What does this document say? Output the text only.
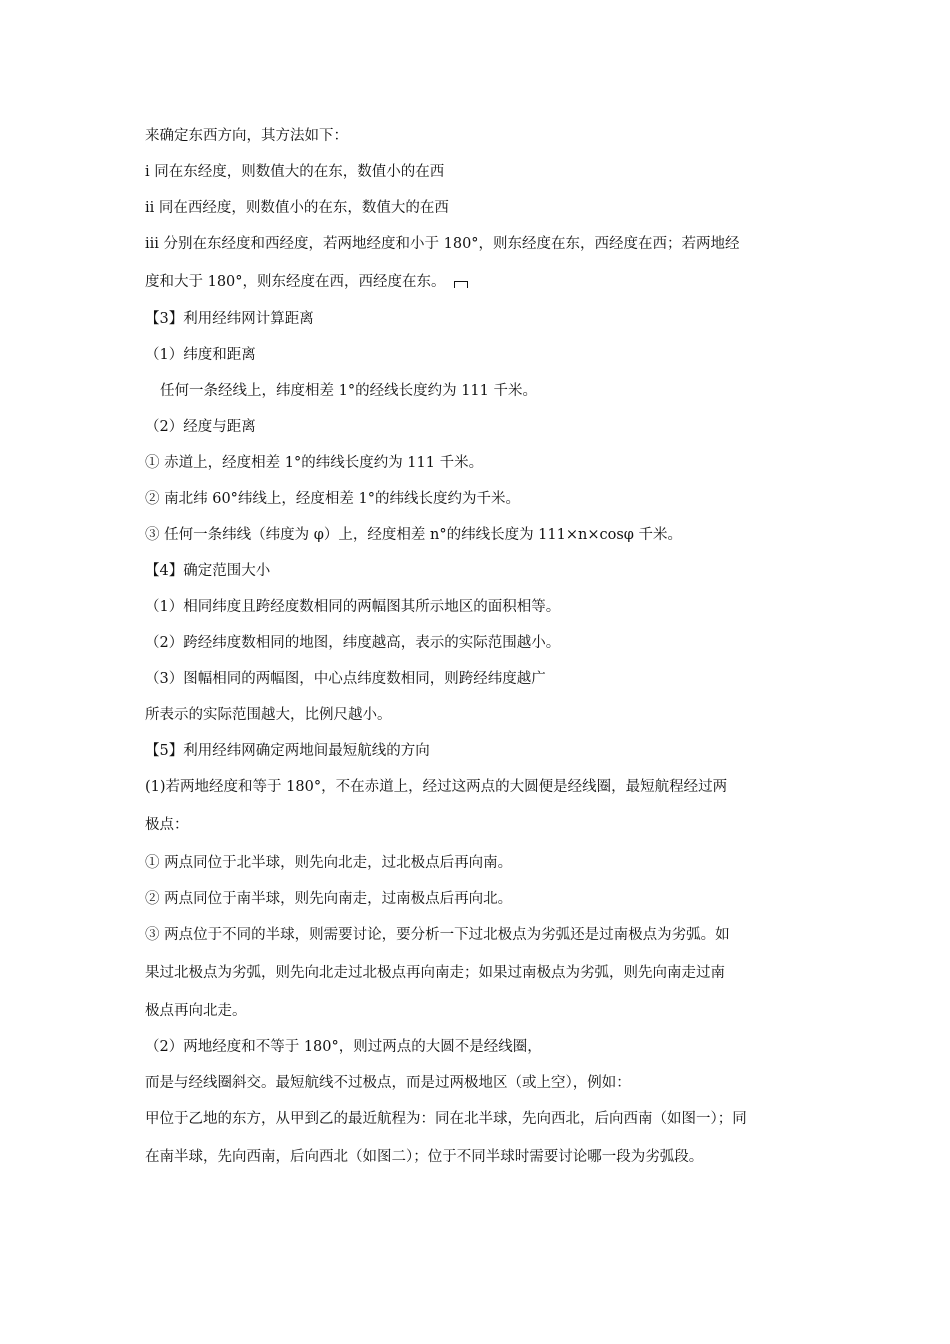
来确定东西方向，其方法如下：
ⅰ 同在东经度，则数值大的在东，数值小的在西
ⅱ 同在西经度，则数值小的在东，数值大的在西
ⅲ 分别在东经度和西经度，若两地经度和小于 180°，则东经度在东，西经度在西；若两地经
度和大于 180°，则东经度在西，西经度在东。
【3】利用经纬网计算距离
（1）纬度和距离
任何一条经线上，纬度相差 1°的经线长度约为 111 千米。
（2）经度与距离
① 赤道上，经度相差 1°的纬线长度约为 111 千米。
② 南北纬 60°纬线上，经度相差 1°的纬线长度约为千米。
③ 任何一条纬线（纬度为 φ）上，经度相差 n°的纬线长度为 111×n×cosφ 千米。
【4】确定范围大小
（1）相同纬度且跨经度数相同的两幅图其所示地区的面积相等。
（2）跨经纬度数相同的地图，纬度越高，表示的实际范围越小。
（3）图幅相同的两幅图，中心点纬度数相同，则跨经纬度越广
所表示的实际范围越大，比例尺越小。
【5】利用经纬网确定两地间最短航线的方向
(1)若两地经度和等于 180°，不在赤道上，经过这两点的大圆便是经线圈，最短航程经过两
极点：
① 两点同位于北半球，则先向北走，过北极点后再向南。
② 两点同位于南半球，则先向南走，过南极点后再向北。
③ 两点位于不同的半球，则需要讨论，要分析一下过北极点为劣弧还是过南极点为劣弧。如
果过北极点为劣弧，则先向北走过北极点再向南走；如果过南极点为劣弧，则先向南走过南
极点再向北走。
（2）两地经度和不等于 180°，则过两点的大圆不是经线圈，
而是与经线圈斜交。最短航线不过极点，而是过两极地区（或上空），例如：
甲位于乙地的东方，从甲到乙的最近航程为：同在北半球，先向西北，后向西南（如图一）；同
在南半球，先向西南，后向西北（如图二）；位于不同半球时需要讨论哪一段为劣弧段。
